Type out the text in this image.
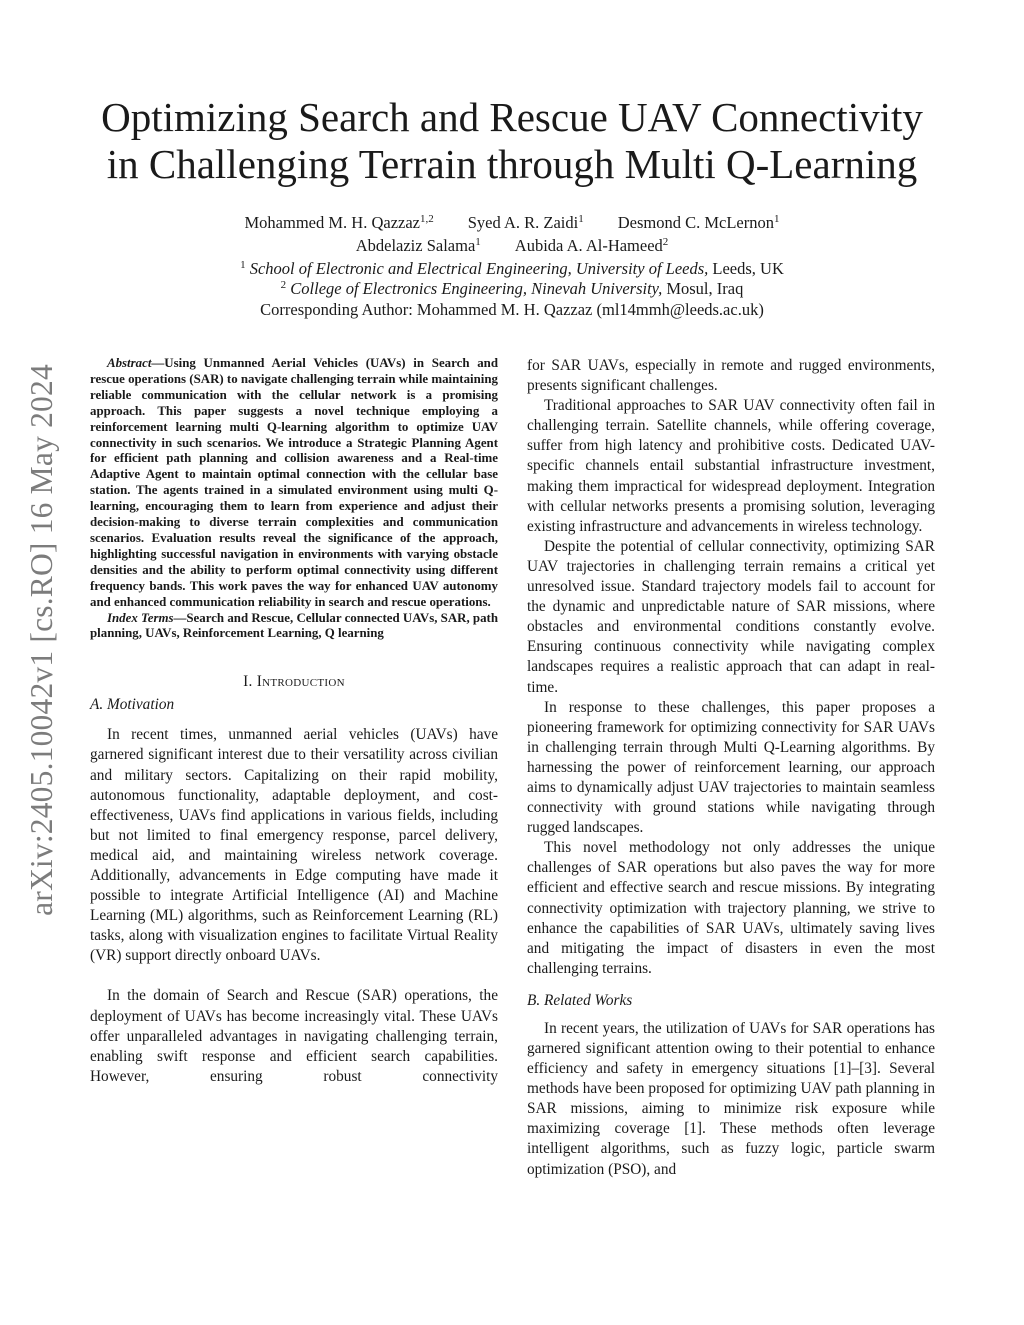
arXiv:2405.10042v1 [cs.RO] 16 May 2024
Optimizing Search and Rescue UAV Connectivity
in Challenging Terrain through Multi Q-Learning
Mohammed M. H. Qazzaz$^{1,2}$ Syed A. R. Zaidi$^1$ Desmond C. McLernon$^1$
Abdelaziz Salama$^1$ Aubida A. Al-Hameed$^2$
$^1$ School of Electronic and Electrical Engineering, University of Leeds, Leeds, UK
$^2$ College of Electronics Engineering, Ninevah University, Mosul, Iraq
Corresponding Author: Mohammed M. H. Qazzaz (ml14mmh@leeds.ac.uk)

Abstract—Using Unmanned Aerial Vehicles (UAVs) in Search and rescue operations (SAR) to navigate challenging terrain while maintaining reliable communication with the cellular network is a promising approach. This paper suggests a novel technique employing a reinforcement learning multi Q-learning algorithm to optimize UAV connectivity in such scenarios. We introduce a Strategic Planning Agent for efficient path planning and collision awareness and a Real-time Adaptive Agent to maintain optimal connection with the cellular base station. The agents trained in a simulated environment using multi Q-learning, encouraging them to learn from experience and adjust their decision-making to diverse terrain complexities and communication scenarios. Evaluation results reveal the significance of the approach, highlighting successful navigation in environments with varying obstacle densities and the ability to perform optimal connectivity using different frequency bands. This work paves the way for enhanced UAV autonomy and enhanced communication reliability in search and rescue operations.

Index Terms—Search and Rescue, Cellular connected UAVs, SAR, path planning, UAVs, Reinforcement Learning, Q learning

I. Introduction
A. Motivation

In recent times, unmanned aerial vehicles (UAVs) have garnered significant interest due to their versatility across civilian and military sectors. Capitalizing on their rapid mobility, autonomous functionality, adaptable deployment, and cost-effectiveness, UAVs find applications in various fields, including but not limited to final emergency response, parcel delivery, medical aid, and maintaining wireless network coverage. Additionally, advancements in Edge computing have made it possible to integrate Artificial Intelligence (AI) and Machine Learning (ML) algorithms, such as Reinforcement Learning (RL) tasks, along with visualization engines to facilitate Virtual Reality (VR) support directly onboard UAVs.

In the domain of Search and Rescue (SAR) operations, the deployment of UAVs has become increasingly vital. These UAVs offer unparalleled advantages in navigating challenging terrain, enabling swift response and efficient search capabilities. However, ensuring robust connectivity

for SAR UAVs, especially in remote and rugged environments, presents significant challenges.

Traditional approaches to SAR UAV connectivity often fail in challenging terrain. Satellite channels, while offering coverage, suffer from high latency and prohibitive costs. Dedicated UAV-specific channels entail substantial infrastructure investment, making them impractical for widespread deployment. Integration with cellular networks presents a promising solution, leveraging existing infrastructure and advancements in wireless technology.

Despite the potential of cellular connectivity, optimizing SAR UAV trajectories in challenging terrain remains a critical yet unresolved issue. Standard trajectory models fail to account for the dynamic and unpredictable nature of SAR missions, where obstacles and environmental conditions constantly evolve. Ensuring continuous connectivity while navigating complex landscapes requires a realistic approach that can adapt in real-time.

In response to these challenges, this paper proposes a pioneering framework for optimizing connectivity for SAR UAVs in challenging terrain through Multi Q-Learning algorithms. By harnessing the power of reinforcement learning, our approach aims to dynamically adjust UAV trajectories to maintain seamless connectivity with ground stations while navigating through rugged landscapes.

This novel methodology not only addresses the unique challenges of SAR operations but also paves the way for more efficient and effective search and rescue missions. By integrating connectivity optimization with trajectory planning, we strive to enhance the capabilities of SAR UAVs, ultimately saving lives and mitigating the impact of disasters in even the most challenging terrains.

B. Related Works

In recent years, the utilization of UAVs for SAR operations has garnered significant attention owing to their potential to enhance efficiency and safety in emergency situations [1]–[3]. Several methods have been proposed for optimizing UAV path planning in SAR missions, aiming to minimize risk exposure while maximizing coverage [1]. These methods often leverage intelligent algorithms, such as fuzzy logic, particle swarm optimization (PSO), and
